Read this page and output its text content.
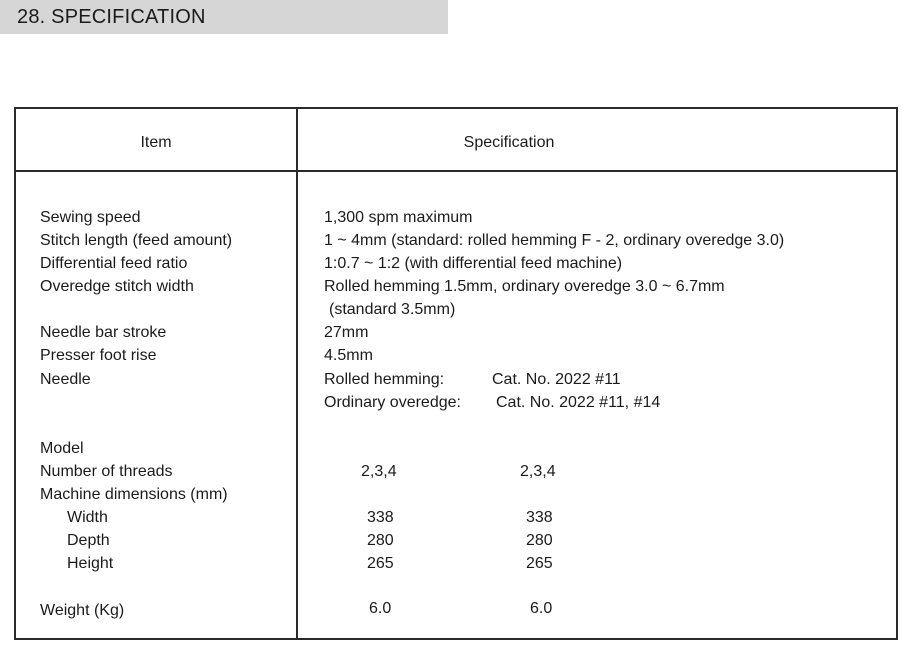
28. SPECIFICATION
Item	Specification
Sewing speed
Stitch length (feed amount)
Differential feed ratio
Overedge stitch width
Needle bar stroke
Presser foot rise
Needle
Model
Number of threads
Machine dimensions (mm)
Width
Depth
Height
Weight (Kg)
1,300 spm maximum
1 ~ 4mm (standard: rolled hemming F - 2, ordinary overedge 3.0)
1:0.7 ~ 1:2 (with differential feed machine)
Rolled hemming 1.5mm, ordinary overedge 3.0 ~ 6.7mm
(standard 3.5mm)
27mm
4.5mm
Rolled hemming:	Cat. No. 2022 #11
Ordinary overedge: Cat. No. 2022 #11, #14
2,3,4
338
280
265
6.0
2,3,4
338
280
265
6.0
